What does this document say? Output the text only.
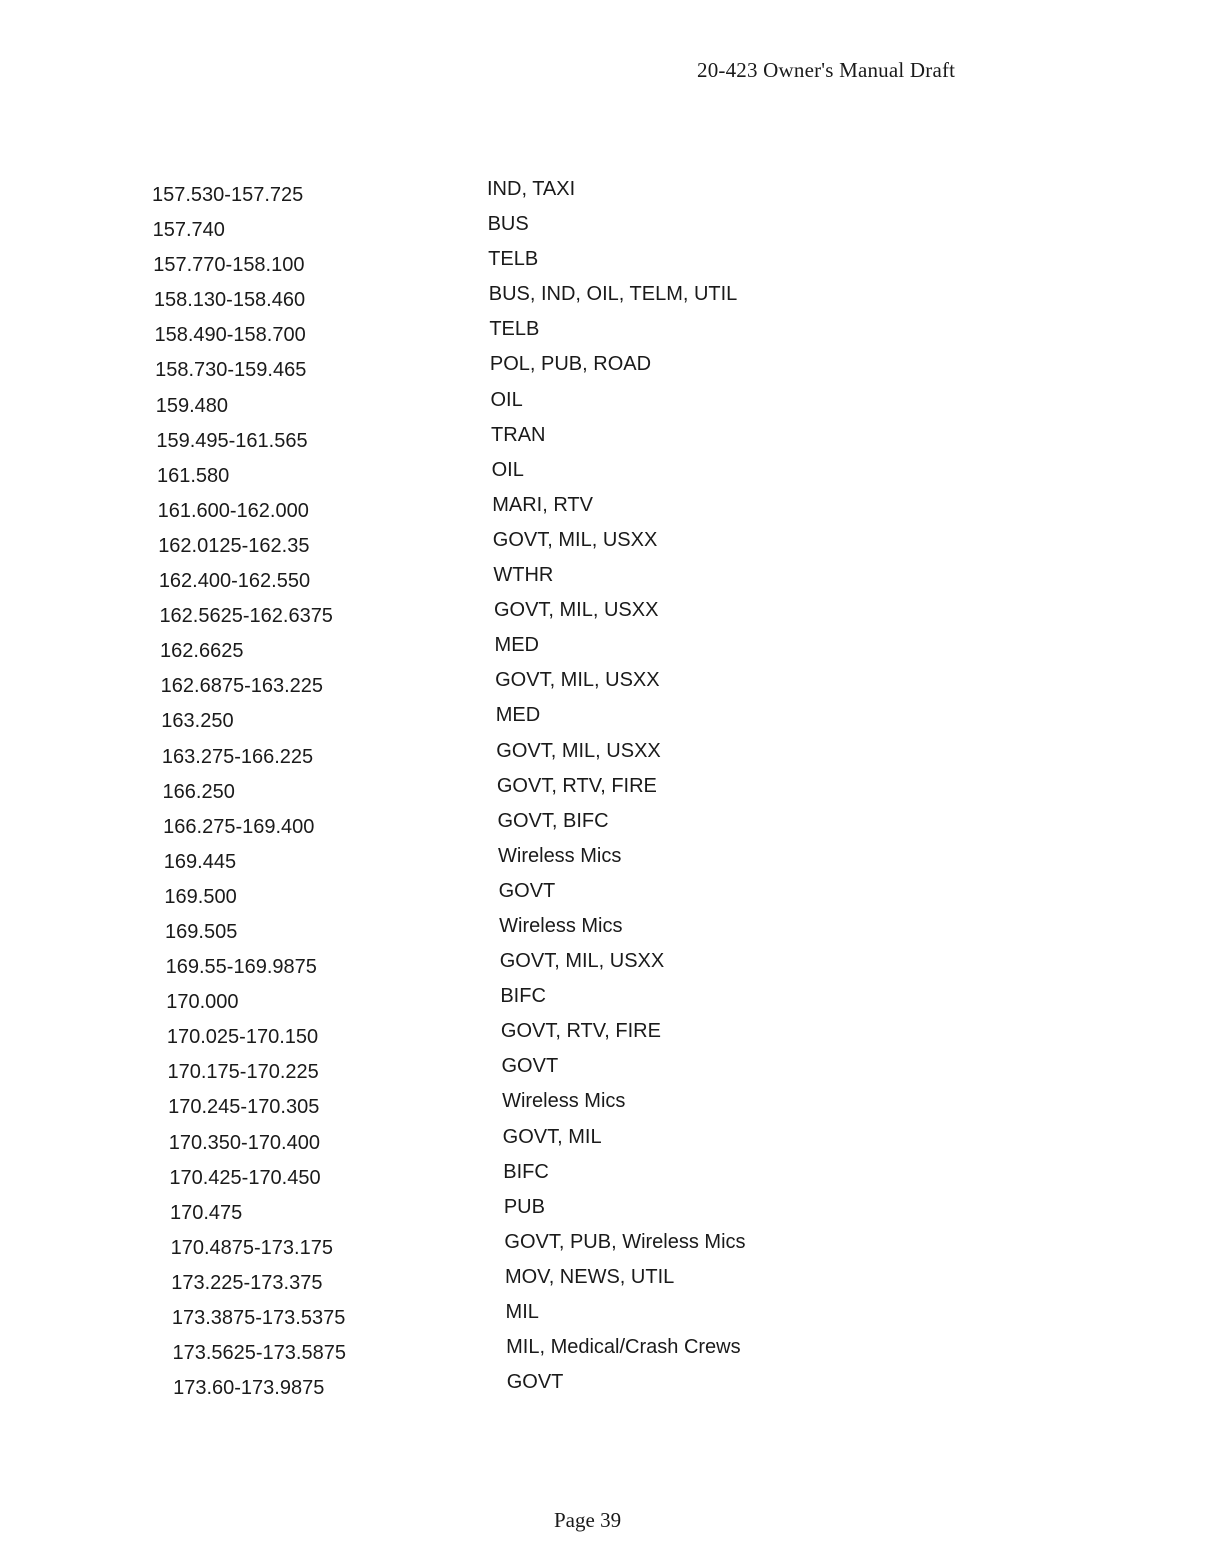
20-423 Owner's Manual Draft
157.530-157.725	IND, TAXI
157.740	BUS
157.770-158.100	TELB
158.130-158.460	BUS, IND, OIL, TELM, UTIL
158.490-158.700	TELB
158.730-159.465	POL, PUB, ROAD
159.480	OIL
159.495-161.565	TRAN
161.580	OIL
161.600-162.000	MARI, RTV
162.0125-162.35	GOVT, MIL, USXX
162.400-162.550	WTHR
162.5625-162.6375	GOVT, MIL, USXX
162.6625	MED
162.6875-163.225	GOVT, MIL, USXX
163.250	MED
163.275-166.225	GOVT, MIL, USXX
166.250	GOVT, RTV, FIRE
166.275-169.400	GOVT, BIFC
169.445	Wireless Mics
169.500	GOVT
169.505	Wireless Mics
169.55-169.9875	GOVT, MIL, USXX
170.000	BIFC
170.025-170.150	GOVT, RTV, FIRE
170.175-170.225	GOVT
170.245-170.305	Wireless Mics
170.350-170.400	GOVT, MIL
170.425-170.450	BIFC
170.475	PUB
170.4875-173.175	GOVT, PUB, Wireless Mics
173.225-173.375	MOV, NEWS, UTIL
173.3875-173.5375	MIL
173.5625-173.5875	MIL, Medical/Crash Crews
173.60-173.9875	GOVT
Page 39
